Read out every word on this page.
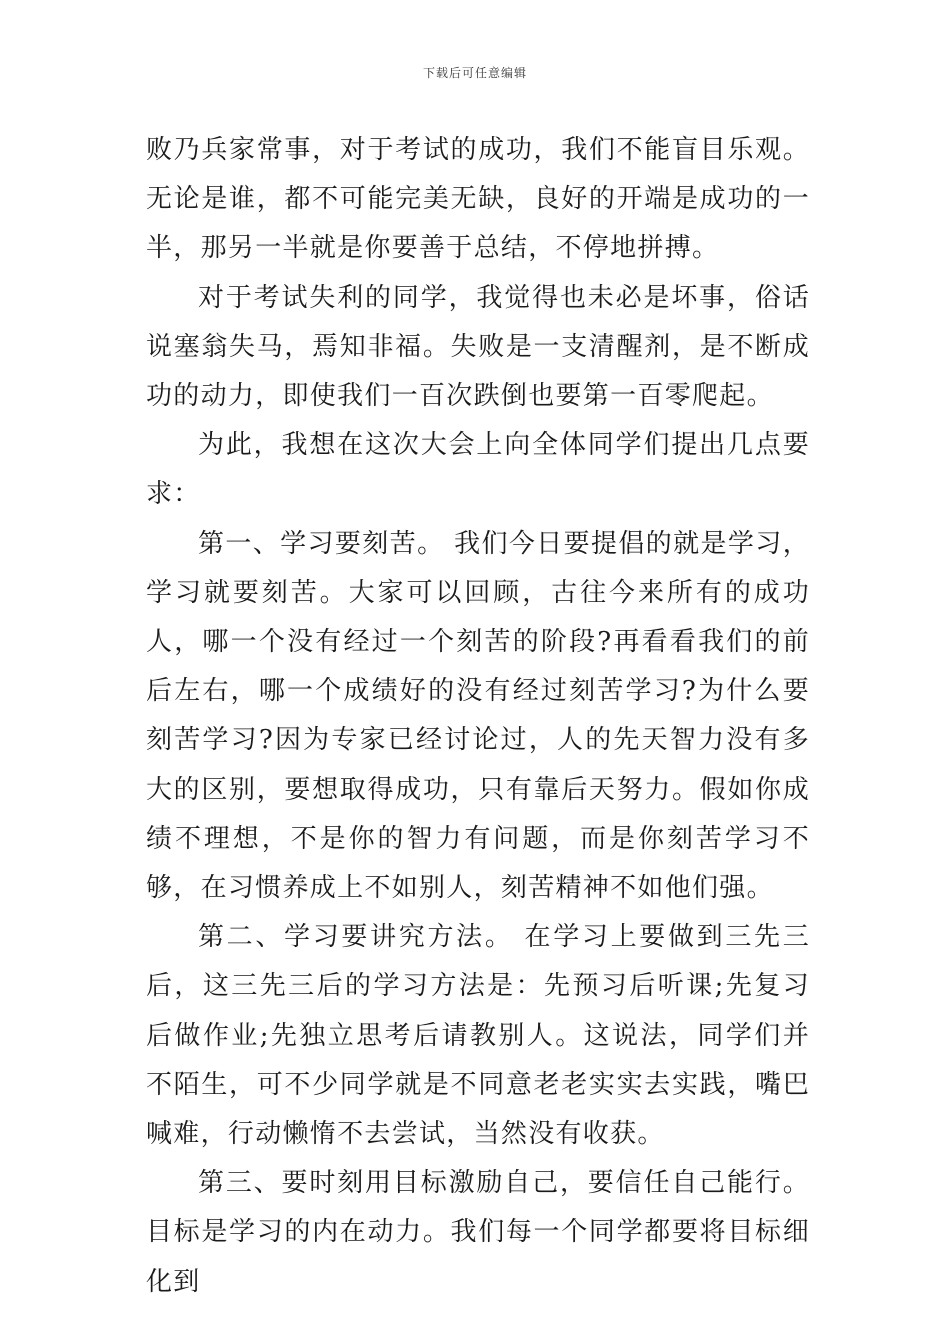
下载后可任意编辑

败乃兵家常事，对于考试的成功，我们不能盲目乐观。无论是谁，都不可能完美无缺，良好的开端是成功的一半，那另一半就是你要善于总结，不停地拼搏。

对于考试失利的同学，我觉得也未必是坏事，俗话说塞翁失马，焉知非福。失败是一支清醒剂，是不断成功的动力，即使我们一百次跌倒也要第一百零爬起。

为此，我想在这次大会上向全体同学们提出几点要求：

第一、学习要刻苦。 我们今日要提倡的就是学习，学习就要刻苦。大家可以回顾，古往今来所有的成功人，哪一个没有经过一个刻苦的阶段?再看看我们的前后左右，哪一个成绩好的没有经过刻苦学习?为什么要刻苦学习?因为专家已经讨论过，人的先天智力没有多大的区别，要想取得成功，只有靠后天努力。假如你成绩不理想，不是你的智力有问题，而是你刻苦学习不够，在习惯养成上不如别人，刻苦精神不如他们强。

第二、学习要讲究方法。 在学习上要做到三先三后，这三先三后的学习方法是：先预习后听课;先复习后做作业;先独立思考后请教别人。这说法，同学们并不陌生，可不少同学就是不同意老老实实去实践，嘴巴喊难，行动懒惰不去尝试，当然没有收获。

第三、要时刻用目标激励自己，要信任自己能行。 目标是学习的内在动力。我们每一个同学都要将目标细化到
